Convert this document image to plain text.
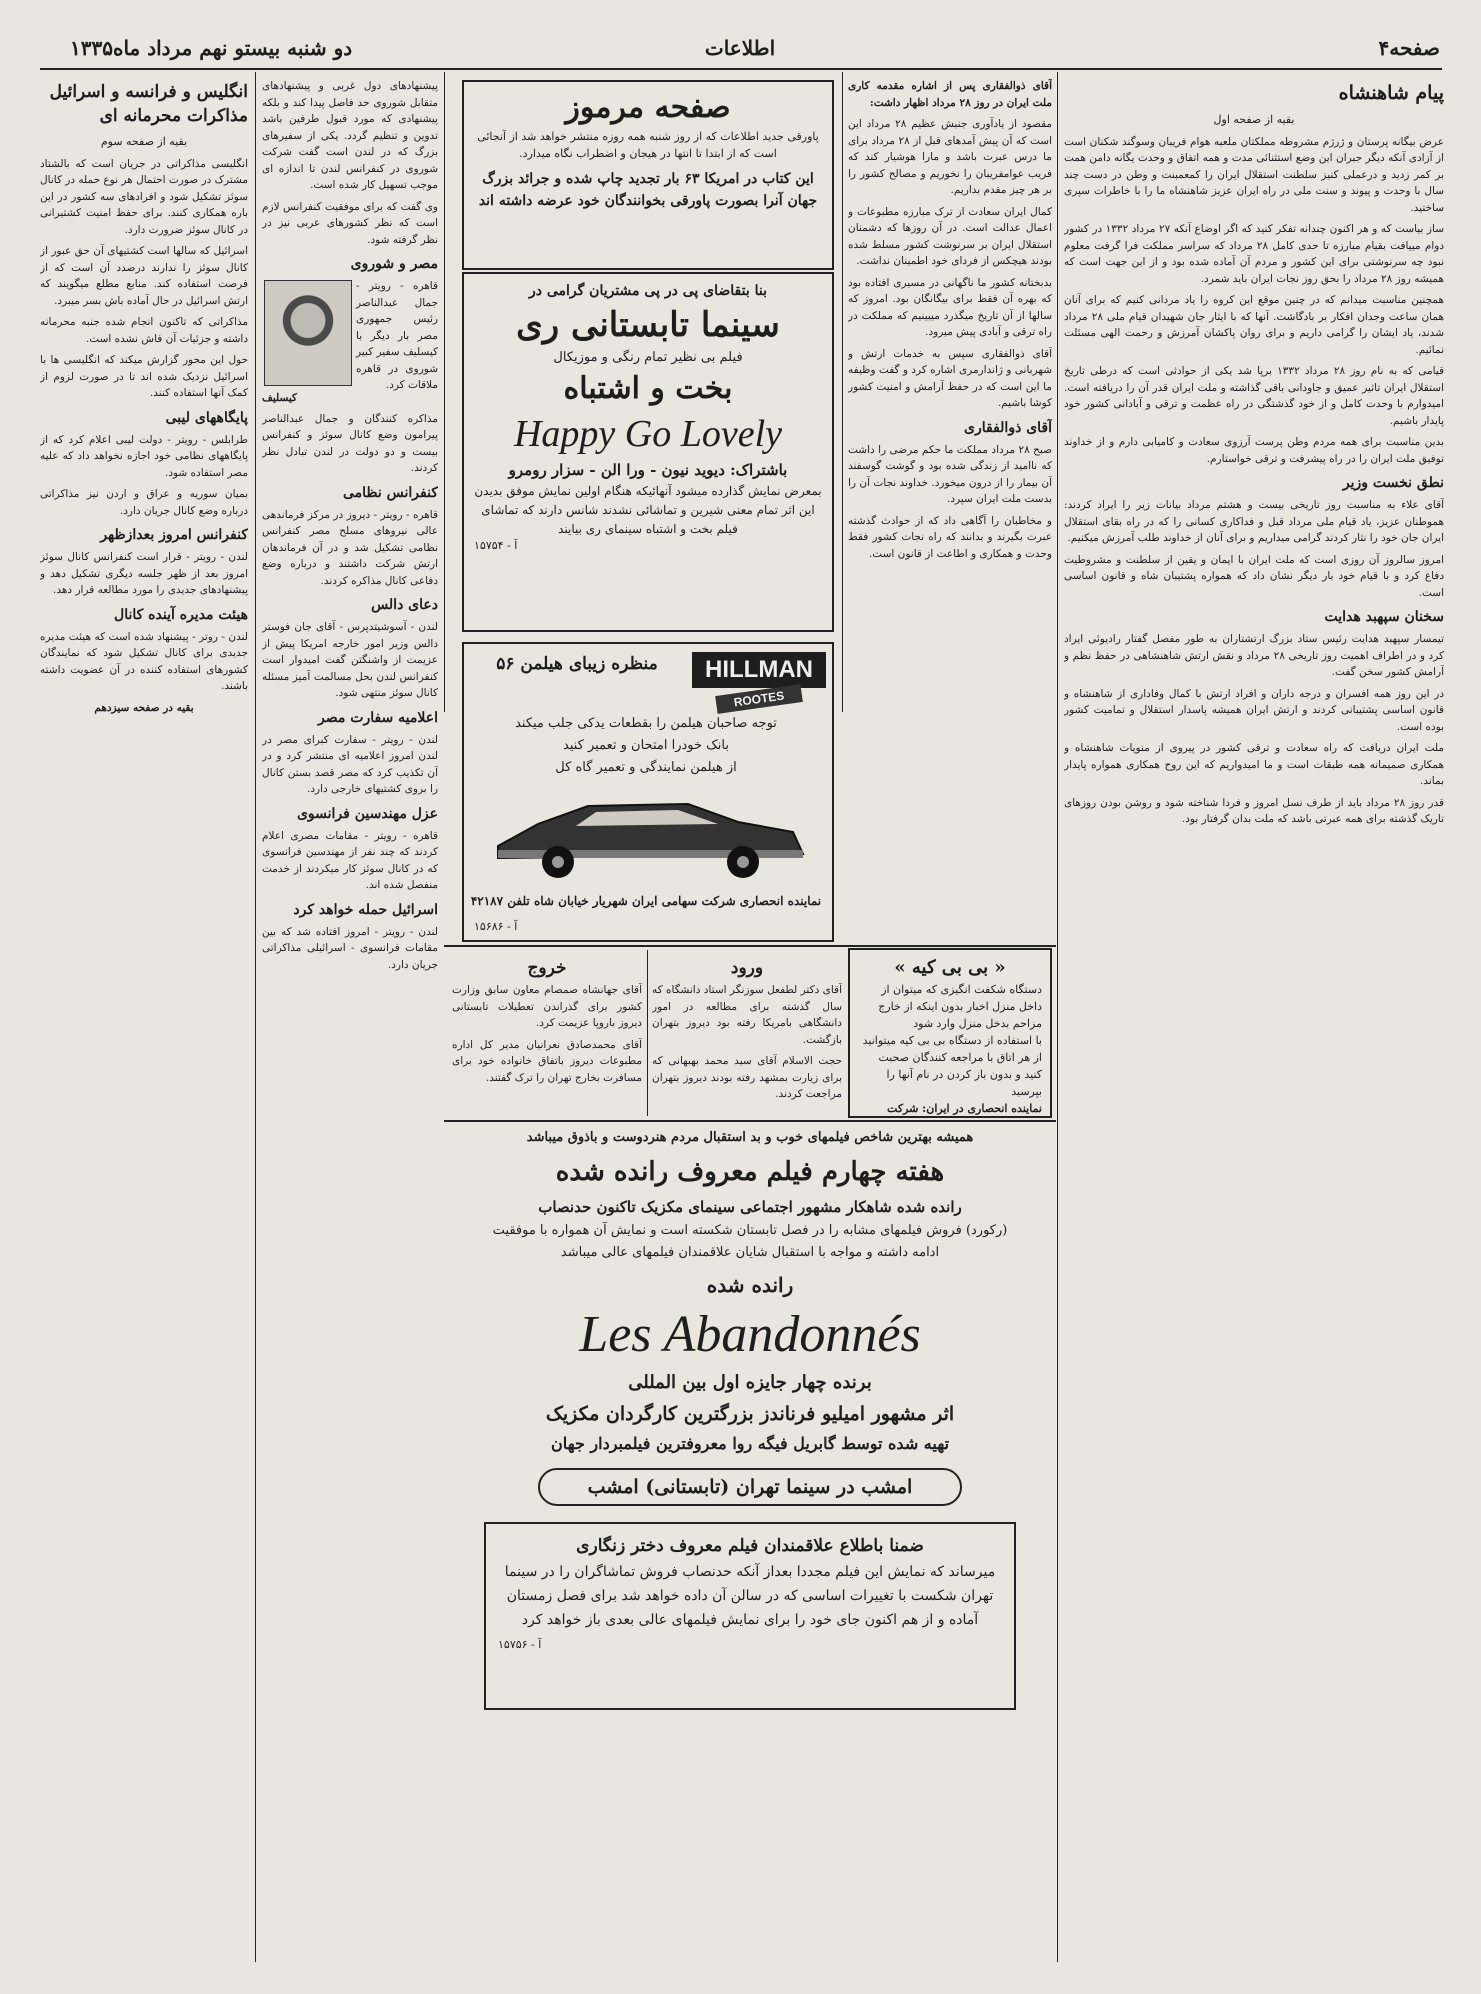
صفحه۴
اطلاعات
دو شنبه بیستو نهم مرداد ماه۱۳۳۵
پیام شاهنشاه
بقیه از صفحه اول

عرض بیگانه پرستان و ژرژم مشروطه مملکتان ملعبه هوام فریبان وسوگند شکنان است از آزادی آنکه دیگر جبران این وضع استثنائی مدت و همه اتفاق و وحدت یگانه دامن همت بر کمر زدید و درعملی کنیز سلطنت استقلال ایران را کمعمبنت و وطن در دست چند سال با وحدت و پیوند و سنت ملی در راه ایران عزیز شاهنشاه ما را با خاطرات سپری ساختید.

ساز بیاست که و هر اکنون چندانه تفکر کنید که اگر اوضاع آنکه ۲۷ مرداد ۱۳۳۲ در کشور دوام مییافت بقیام مبارزه تا حدی کامل ۲۸ مرداد که سراسر مملکت فرا گرفت معلوم نبود چه سرنوشتی برای این کشور و مردم آن آماده شده بود و از این جهت است که همیشه روز ۲۸ مرداد را بحق روز نجات ایران باید شمرد.

همچنین مناسبت میدانم که در چنین موقع این کروه را یاد مردانی کنیم که برای آنان همان ساعت وجدان افکار بر بادگاشت. آنها که با ایثار جان شهیدان قیام ملی ۲۸ مرداد شدند، یاد ایشان را گرامی داریم و برای روان پاکشان آمرزش و رحمت الهی مسئلت نمائیم.

قیامی که به نام روز ۲۸ مرداد ۱۳۳۲ برپا شد یکی از حوادثی است که درطی تاریخ استقلال ایران تاثیر عمیق و جاودانی باقی گذاشته و ملت ایران قدر آن را دریافته است. امیدوارم با وحدت کامل و از خود گذشتگی در راه عظمت و ترقی و آبادانی کشور خود پایدار باشیم.

بدین مناسبت برای همه مردم وطن پرست آرزوی سعادت و کامیابی دارم و از خداوند توفیق ملت ایران را در راه پیشرفت و ترقی خواستارم.

نطق نخست وزیر

آقای علاء به مناسبت روز تاریخی بیست و هشتم مرداد بیانات زیر را ایراد کردند: هموطنان عزیز، یاد قیام ملی مرداد قبل و فداکاری کسانی را که در راه بقای استقلال ایران جان خود را نثار کردند گرامی میداریم و برای آنان از خداوند طلب آمرزش میکنیم.

امروز سالروز آن روزی است که ملت ایران با ایمان و یقین از سلطنت و مشروطیت دفاع کرد و با قیام خود بار دیگر نشان داد که همواره پشتیبان شاه و قانون اساسی است.

سخنان سپهبد هدایت

تیمسار سپهبد هدایت رئیس ستاد بزرگ ارتشتاران به طور مفصل گفتار رادیوئی ایراد کرد و در اطراف اهمیت روز تاریخی ۲۸ مرداد و نقش ارتش شاهنشاهی در حفظ نظم و آرامش کشور سخن گفت.

در این روز همه افسران و درجه داران و افراد ارتش با کمال وفاداری از شاهنشاه و قانون اساسی پشتیبانی کردند و ارتش ایران همیشه پاسدار استقلال و تمامیت کشور بوده است.

ملت ایران دریافت که راه سعادت و ترقی کشور در پیروی از منویات شاهنشاه و همکاری صمیمانه همه طبقات است و ما امیدواریم که این روح همکاری همواره پایدار بماند.

قدر روز ۲۸ مرداد باید از طرف نسل امروز و فردا شناخته شود و روشن بودن روزهای تاریک گذشته برای همه عبرتی باشد که ملت بدان گرفتار بود.

آقای ذوالفقاری پس از اشاره مقدمه کاری ملت ایران در روز ۲۸ مرداد اظهار داشت:

مقصود از یادآوری جنبش عظیم ۲۸ مرداد این است که آن پیش آمدهای قبل از ۲۸ مرداد برای ما درس عبرت باشد و مارا هوشیار کند که فریب عوامفریبان را نخوریم و مصالح کشور را بر هر چیز مقدم بداریم.

کمال ایران سعادت از ترک مبارزه مطبوعات و اعمال عدالت است. در آن روزها که دشمنان استقلال ایران بر سرنوشت کشور مسلط شده بودند هیچکس از فردای خود اطمینان نداشت.

بدبختانه کشور ما ناگهانی در مسیری افتاده بود که بهره آن فقط برای بیگانگان بود. امروز که سالها از آن تاریخ میگذرد میبینیم که مملکت در راه ترقی و آبادی پیش میرود.

آقای ذوالفقاری سپس به خدمات ارتش و شهربانی و ژاندارمری اشاره کرد و گفت وظیفه ما این است که در حفظ آرامش و امنیت کشور کوشا باشیم.

آقای ذوالفقاری

صبح ۲۸ مرداد مملکت ما حکم مرضی را داشت که ناامید از زندگی شده بود و گوشت گوسفند آن بیمار را از درون میخورد. خداوند نجات آن را بدست ملت ایران سپرد.

و مخاطبان را آگاهی داد که از حوادث گذشته عبرت بگیرند و بدانند که راه نجات کشور فقط وحدت و همکاری و اطاعت از قانون است.

صفحه مرموز
پاورقی جدید اطلاعات که از روز شنبه همه روزه منتشر خواهد شد از آنجائی است که از ابتدا تا انتها در هیجان و اضطراب نگاه میدارد.
این کتاب در امریکا ۶۳ بار تجدید چاپ شده و جرائد بزرگ جهان آنرا بصورت پاورقی بخوانندگان خود عرضه داشته اند
بنا بتقاضای پی در پی مشتریان گرامی در
سینما تابستانی ری
فیلم بی نظیر تمام رنگی و موزیکال
بخت و اشتباه
Happy Go Lovely
باشتراک: دیوید نیون - ورا الن - سزار رومرو
بمعرض نمایش گذارده میشود آنهائیکه هنگام اولین نمایش موفق بدیدن این اثر تمام معنی شیرین و تماشائی نشدند شانس دارند که تماشای فیلم بخت و اشتباه سینمای ری بیایند
آ - ۱۵۷۵۴
HILLMAN
ROOTES
منظره زیبای هیلمن ۵۶
توجه صاحبان هیلمن را بقطعات یدکی جلب میکند
بانک خودرا امتحان و تعمیر کنید
از هیلمن نمایندگی و تعمیر گاه کل
نماینده انحصاری شرکت سهامی ایران شهریار خیابان شاه تلفن ۴۲۱۸۷
آ - ۱۵۶۸۶
« بی بی کیه »
دستگاه شکفت انگیزی که میتوان از داخل منزل اخبار بدون اینکه از خارج مزاحم بدخل منزل وارد شود
با استفاده از دستگاه بی بی کیه میتوانید از هر اتاق با مراجعه کنندگان صحبت کنید و بدون باز کردن در نام آنها را بپرسید
نماینده انحصاری در ایران: شرکت
ورود

آقای دکتر لطفعل سوزنگر استاد دانشگاه که سال گذشته برای مطالعه در امور دانشگاهی بامریکا رفته بود دیروز بتهران بازگشت.

حجت الاسلام آقای سید محمد بهبهانی که برای زیارت بمشهد رفته بودند دیروز بتهران مراجعت کردند.

خروج

آقای جهانشاه صمصام معاون سابق وزارت کشور برای گذراندن تعطیلات تابستانی دیروز باروپا عزیمت کرد.

آقای محمدصادق نعرانیان مدیر کل اداره مطبوعات دیروز باتفاق خانواده خود برای مسافرت بخارج تهران را ترک گفتند.

همیشه بهترین شاخص فیلمهای خوب و بد استقبال مردم هنردوست و باذوق میباشد
هفته چهارم فیلم معروف رانده شده
رانده شده شاهکار مشهور اجتماعی سینمای مکزیک تاکنون حدنصاب
(رکورد) فروش فیلمهای مشابه را در فصل تابستان شکسته است و نمایش آن همواره با موفقیت ادامه داشته و مواجه با استقبال شایان علاقمندان فیلمهای عالی میباشد
رانده شده
Les Abandonnés
برنده چهار جایزه اول بین المللی
اثر مشهور امیلیو فرناندز بزرگترین کارگردان مکزیک
تهیه شده توسط گابریل فیگه روا معروفترین فیلمبردار جهان
امشب در سینما تهران (تابستانی) امشب
ضمنا باطلاع علاقمندان فیلم معروف دختر زنگاری
میرساند که نمایش این فیلم مجددا بعداز آنکه حدنصاب فروش تماشاگران را در سینما تهران شکست با تغییرات اساسی که در سالن آن داده خواهد شد برای فصل زمستان آماده و از هم اکنون جای خود را برای نمایش فیلمهای عالی بعدی باز خواهد کرد
آ - ۱۵۷۵۶

پیشنهادهای دول غربی و پیشنهادهای متقابل شوروی حد فاصل پیدا کند و بلکه پیشنهادی که مورد قبول طرفین باشد تدوین و تنظیم گردد. یکی از سفیرهای بزرگ که در لندن است گفت شرکت شوروی در کنفرانس لندن تا اندازه ای موجب تسهیل کار شده است.

وی گفت که برای موفقیت کنفرانس لازم است که نظر کشورهای عربی نیز در نظر گرفته شود.

مصر و شوروی
قاهره - رویتر - جمال عبدالناصر رئیس جمهوری مصر بار دیگر با کیسلیف سفیر کبیر شوروی در قاهره ملاقات کرد.
کیسلیف

مذاکره کنندگان و جمال عبدالناصر پیرامون وضع کانال سوئز و کنفرانس بیست و دو دولت در لندن تبادل نظر کردند.

کنفرانس نظامی

قاهره - رویتر - دیروز در مرکز فرماندهی عالی نیروهای مسلح مصر کنفرانس نظامی تشکیل شد و در آن فرماندهان ارتش شرکت داشتند و درباره وضع دفاعی کانال مذاکره کردند.

دعای دالس

لندن - آسوشیتدپرس - آقای جان فوستر دالس وزیر امور خارجه امریکا پیش از عزیمت از واشنگتن گفت امیدوار است کنفرانس لندن بحل مسالمت آمیز مسئله کانال سوئز منتهی شود.

اعلامیه سفارت مصر

لندن - رویتر - سفارت کبرای مصر در لندن امروز اعلامیه ای منتشر کرد و در آن تکذیب کرد که مصر قصد بستن کانال را بروی کشتیهای خارجی دارد.

عزل مهندسین فرانسوی

قاهره - رویتر - مقامات مصری اعلام کردند که چند نفر از مهندسین فرانسوی که در کانال سوئز کار میکردند از خدمت منفصل شده اند.

اسرائیل حمله خواهد کرد

لندن - رویتر - امروز افتاده شد که بین مقامات فرانسوی - اسرائیلی مذاکراتی جریان دارد.

انگلیس و فرانسه و اسرائیل مذاکرات محرمانه ای
بقیه از صفحه سوم

انگلیسی مذاکراتی در جریان است که بالشتاد مشترک در صورت احتمال هر نوع حمله در کانال سوئز تشکیل شود و افرادهای سه کشور در این باره همکاری کنند. برای حفظ امنیت کشتیرانی در کانال سوئز ضرورت دارد.

اسرائیل که سالها است کشتیهای آن حق عبور از کانال سوئز را ندارند درصدد آن است که از فرصت استفاده کند. منابع مطلع میگویند که ارتش اسرائیل در حال آماده باش بسر میبرد.

مذاکراتی که تاکنون انجام شده جنبه محرمانه داشته و جزئیات آن فاش نشده است.

حول این محور گزارش میکند که انگلیسی ها با اسرائیل نزدیک شده اند تا در صورت لزوم از کمک آنها استفاده کنند.

پایگاههای لیبی

طرابلس - رویتر - دولت لیبی اعلام کرد که از پایگاههای نظامی خود اجازه نخواهد داد که علیه مصر استفاده شود.

بمیان سوریه و عراق و اردن نیز مذاکراتی درباره وضع کانال جریان دارد.

کنفرانس امروز بعدازظهر

لندن - رویتر - قرار است کنفرانس کانال سوئز امروز بعد از ظهر جلسه دیگری تشکیل دهد و پیشنهادهای جدیدی را مورد مطالعه قرار دهد.

هیئت مدیره آینده کانال

لندن - روتر - پیشنهاد شده است که هیئت مدیره جدیدی برای کانال تشکیل شود که نمایندگان کشورهای استفاده کننده در آن عضویت داشته باشند.

بقیه در صفحه سیزدهم
